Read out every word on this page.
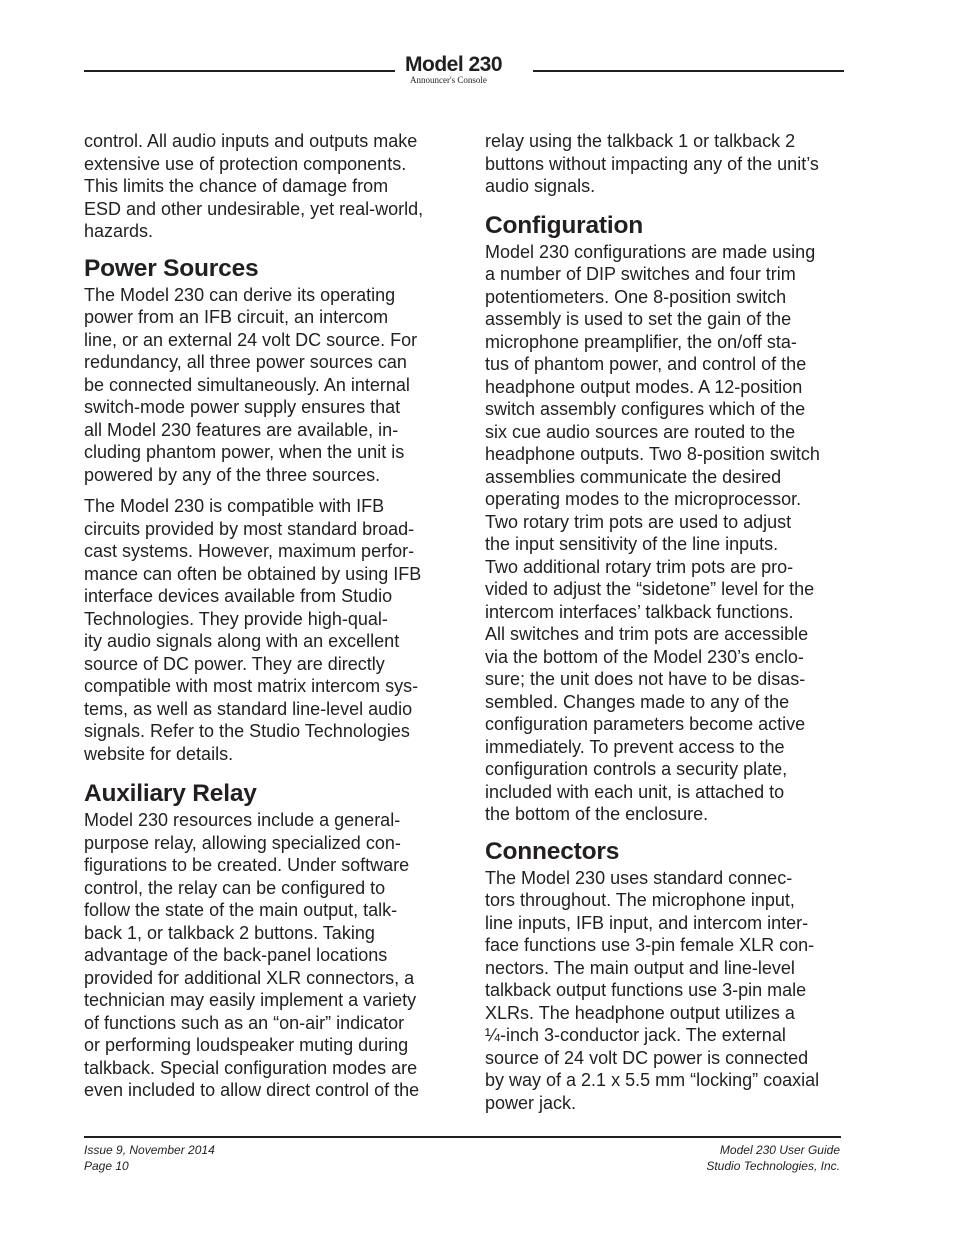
Model 230
Announcer's Console

control. All audio inputs and outputs make
extensive use of protection components.
This limits the chance of damage from
ESD and other undesirable, yet real-world,
hazards.

Power Sources

The Model 230 can derive its operating
power from an IFB circuit, an intercom
line, or an external 24 volt DC source. For
redundancy, all three power sources can
be connected simultaneously. An internal
switch-mode power supply ensures that
all Model 230 features are available, in-
cluding phantom power, when the unit is
powered by any of the three sources.

The Model 230 is compatible with IFB
circuits provided by most standard broad-
cast systems. However, maximum perfor-
mance can often be obtained by using IFB
interface devices available from Studio
Technologies. They provide high-qual-
ity audio signals along with an excellent
source of DC power. They are directly
compatible with most matrix intercom sys-
tems, as well as standard line-level audio
signals. Refer to the Studio Technologies
website for details.

Auxiliary Relay

Model 230 resources include a general-
purpose relay, allowing specialized con-
figurations to be created. Under software
control, the relay can be configured to
follow the state of the main output, talk-
back 1, or talkback 2 buttons. Taking
advantage of the back-panel locations
provided for additional XLR connectors, a
technician may easily implement a variety
of functions such as an “on-air” indicator
or performing loudspeaker muting during
talkback. Special configuration modes are
even included to allow direct control of the

relay using the talkback 1 or talkback 2
buttons without impacting any of the unit’s
audio signals.

Configuration

Model 230 configurations are made using
a number of DIP switches and four trim
potentiometers. One 8-position switch
assembly is used to set the gain of the
microphone preamplifier, the on/off sta-
tus of phantom power, and control of the
headphone output modes. A 12-position
switch assembly configures which of the
six cue audio sources are routed to the
headphone outputs. Two 8-position switch
assemblies communicate the desired
operating modes to the microprocessor.
Two rotary trim pots are used to adjust
the input sensitivity of the line inputs.
Two additional rotary trim pots are pro-
vided to adjust the “sidetone” level for the
intercom interfaces’ talkback functions.
All switches and trim pots are accessible
via the bottom of the Model 230’s enclo-
sure; the unit does not have to be disas-
sembled. Changes made to any of the
configuration parameters become active
immediately. To prevent access to the
configuration controls a security plate,
included with each unit, is attached to
the bottom of the enclosure.

Connectors

The Model 230 uses standard connec-
tors throughout. The microphone input,
line inputs, IFB input, and intercom inter-
face functions use 3-pin female XLR con-
nectors. The main output and line-level
talkback output functions use 3-pin male
XLRs. The headphone output utilizes a
¼-inch 3-conductor jack. The external
source of 24 volt DC power is connected
by way of a 2.1 x 5.5 mm “locking” coaxial
power jack.

Issue 9, November 2014
Page 10
Model 230 User Guide
Studio Technologies, Inc.
